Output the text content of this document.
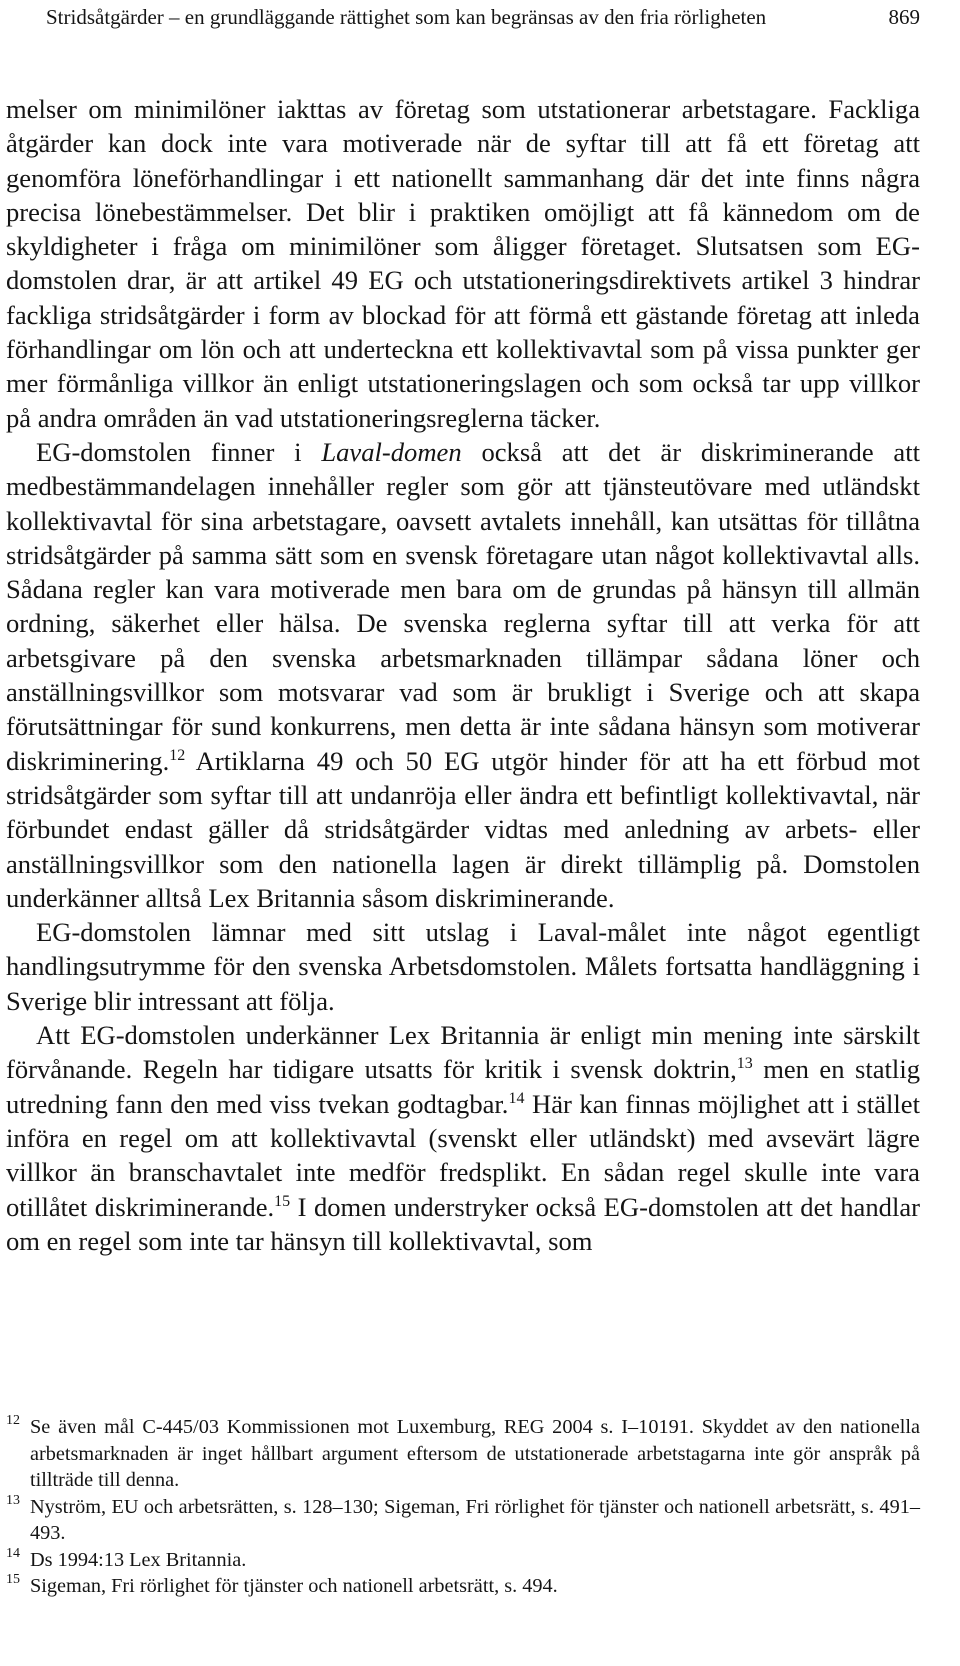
Stridsåtgärder – en grundläggande rättighet som kan begränsas av den fria rörligheten	869

melser om minimilöner iakttas av företag som utstationerar arbetstagare. Fackliga åtgärder kan dock inte vara motiverade när de syftar till att få ett företag att genomföra löneförhandlingar i ett nationellt sammanhang där det inte finns några precisa lönebestämmelser. Det blir i praktiken omöjligt att få kännedom om de skyldigheter i fråga om minimilöner som åligger företaget. Slutsatsen som EG-domstolen drar, är att artikel 49 EG och utstationeringsdirektivets artikel 3 hindrar fackliga stridsåtgärder i form av blockad för att förmå ett gästande företag att inleda förhandlingar om lön och att underteckna ett kollektivavtal som på vissa punkter ger mer förmånliga villkor än enligt utstationeringslagen och som också tar upp villkor på andra områden än vad utstationeringsreglerna täcker.

EG-domstolen finner i Laval-domen också att det är diskriminerande att medbestämmandelagen innehåller regler som gör att tjänsteutövare med utländskt kollektivavtal för sina arbetstagare, oavsett avtalets innehåll, kan utsättas för tillåtna stridsåtgärder på samma sätt som en svensk företagare utan något kollektivavtal alls. Sådana regler kan vara motiverade men bara om de grundas på hänsyn till allmän ordning, säkerhet eller hälsa. De svenska reglerna syftar till att verka för att arbetsgivare på den svenska arbetsmarknaden tillämpar sådana löner och anställningsvillkor som motsvarar vad som är brukligt i Sverige och att skapa förutsättningar för sund konkurrens, men detta är inte sådana hänsyn som motiverar diskriminering.$^{12}$ Artiklarna 49 och 50 EG utgör hinder för att ha ett förbud mot stridsåtgärder som syftar till att undanröja eller ändra ett befintligt kollektivavtal, när förbundet endast gäller då stridsåtgärder vidtas med anledning av arbets- eller anställningsvillkor som den nationella lagen är direkt tillämplig på. Domstolen underkänner alltså Lex Britannia såsom diskriminerande.

EG-domstolen lämnar med sitt utslag i Laval-målet inte något egentligt handlingsutrymme för den svenska Arbetsdomstolen. Målets fortsatta handläggning i Sverige blir intressant att följa.

Att EG-domstolen underkänner Lex Britannia är enligt min mening inte särskilt förvånande. Regeln har tidigare utsatts för kritik i svensk doktrin,$^{13}$ men en statlig utredning fann den med viss tvekan godtagbar.$^{14}$ Här kan finnas möjlighet att i stället införa en regel om att kollektivavtal (svenskt eller utländskt) med avsevärt lägre villkor än branschavtalet inte medför fredsplikt. En sådan regel skulle inte vara otillåtet diskriminerande.$^{15}$ I domen understryker också EG-domstolen att det handlar om en regel som inte tar hänsyn till kollektivavtal, som

12 Se även mål C-445/03 Kommissionen mot Luxemburg, REG 2004 s. I–10191. Skyddet av den nationella arbetsmarknaden är inget hållbart argument eftersom de utstationerade arbetstagarna inte gör anspråk på tillträde till denna.

13 Nyström, EU och arbetsrätten, s. 128–130; Sigeman, Fri rörlighet för tjänster och nationell arbetsrätt, s. 491–493.

14 Ds 1994:13 Lex Britannia.

15 Sigeman, Fri rörlighet för tjänster och nationell arbetsrätt, s. 494.
